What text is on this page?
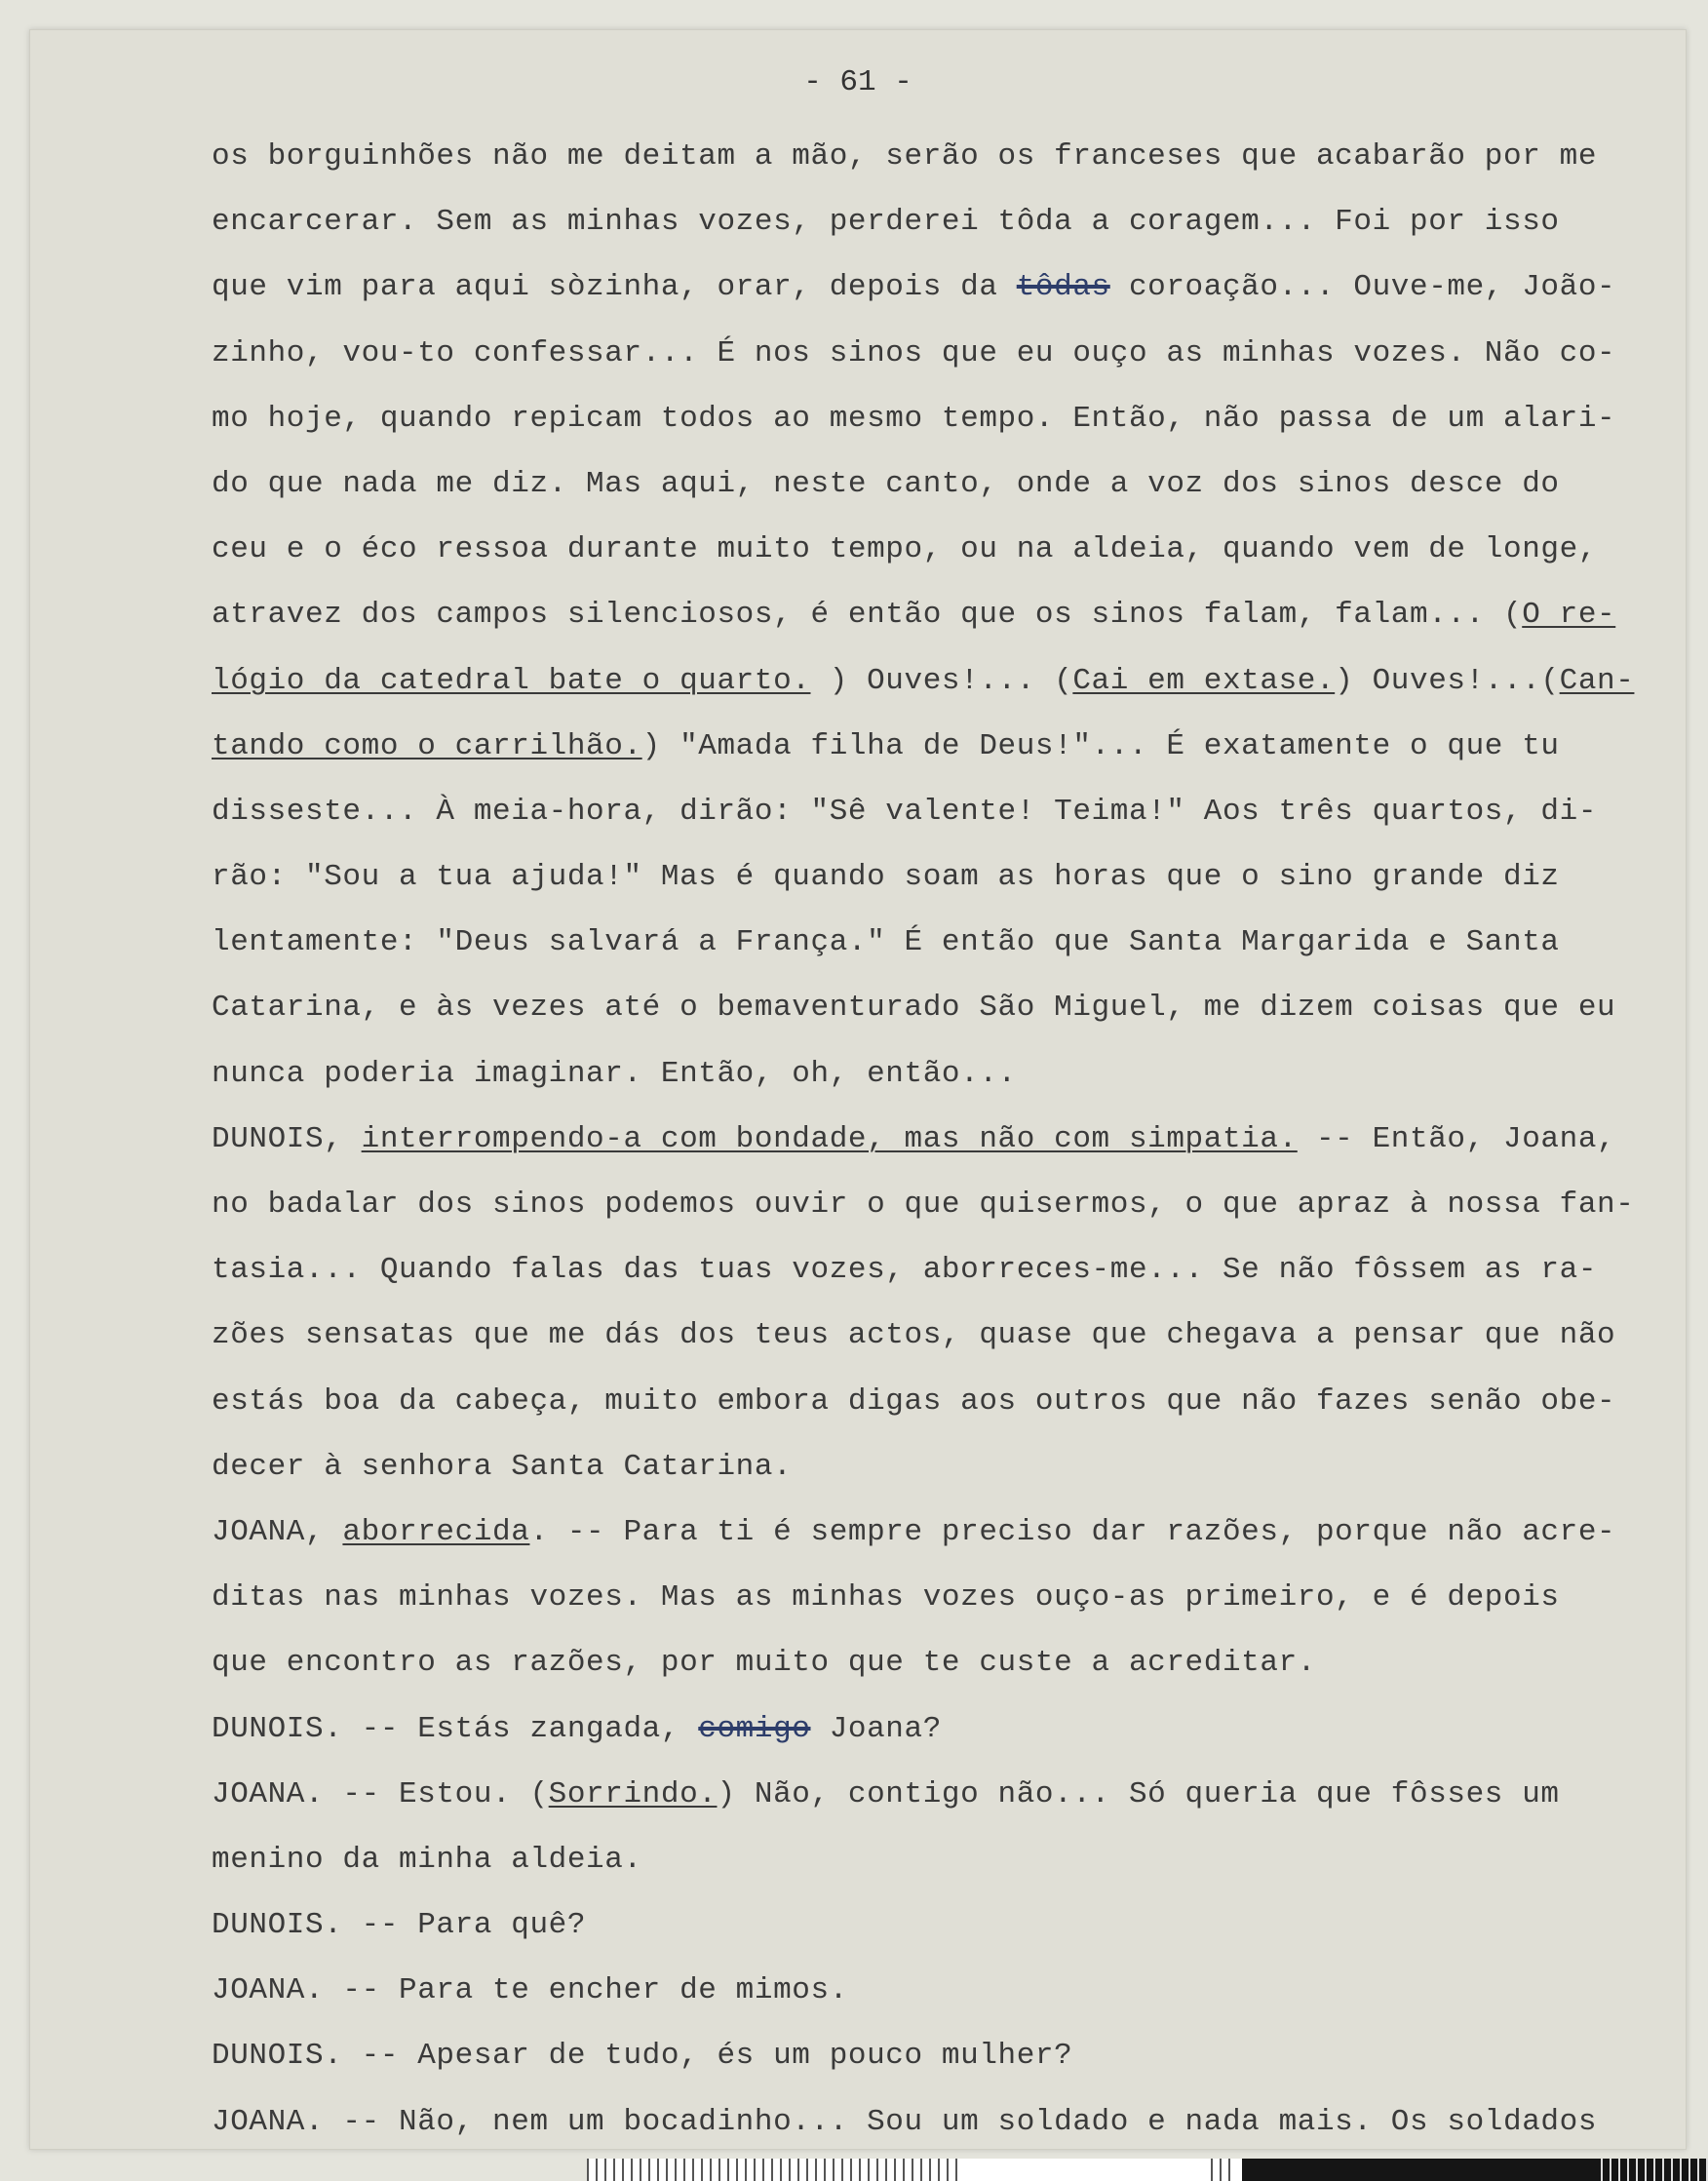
- 61 -
os borguinhões não me deitam a mão, serão os franceses que acabarão por me
encarcerar. Sem as minhas vozes, perderei tôda a coragem... Foi por isso
que vim para aqui sòzinha, orar, depois da tôdas coroação... Ouve-me, João-
zinho, vou-to confessar... É nos sinos que eu ouço as minhas vozes. Não co-
mo hoje, quando repicam todos ao mesmo tempo. Então, não passa de um alari-
do que nada me diz. Mas aqui, neste canto, onde a voz dos sinos desce do
ceu e o éco ressoa durante muito tempo, ou na aldeia, quando vem de longe,
atravez dos campos silenciosos, é então que os sinos falam, falam... (O re-
lógio da catedral bate o quarto. ) Ouves!... (Cai em extase.) Ouves!...(Can-
tando como o carrilhão.) "Amada filha de Deus!"... É exatamente o que tu
disseste... À meia-hora, dirão: "Sê valente! Teima!" Aos três quartos, di-
rão: "Sou a tua ajuda!" Mas é quando soam as horas que o sino grande diz
lentamente: "Deus salvará a França." É então que Santa Margarida e Santa
Catarina, e às vezes até o bemaventurado São Miguel, me dizem coisas que eu
nunca poderia imaginar. Então, oh, então...
DUNOIS, interrompendo-a com bondade, mas não com simpatia. -- Então, Joana,
no badalar dos sinos podemos ouvir o que quisermos, o que apraz à nossa fan-
tasia... Quando falas das tuas vozes, aborreces-me... Se não fôssem as ra-
zões sensatas que me dás dos teus actos, quase que chegava a pensar que não
estás boa da cabeça, muito embora digas aos outros que não fazes senão obe-
decer à senhora Santa Catarina.
JOANA, aborrecida. -- Para ti é sempre preciso dar razões, porque não acre-
ditas nas minhas vozes. Mas as minhas vozes ouço-as primeiro, e é depois
que encontro as razões, por muito que te custe a acreditar.
DUNOIS. -- Estás zangada, comigo Joana?
JOANA. -- Estou. (Sorrindo.) Não, contigo não... Só queria que fôsses um
menino da minha aldeia.
DUNOIS. -- Para quê?
JOANA. -- Para te encher de mimos.
DUNOIS. -- Apesar de tudo, és um pouco mulher?
JOANA. -- Não, nem um bocadinho... Sou um soldado e nada mais. Os soldados
